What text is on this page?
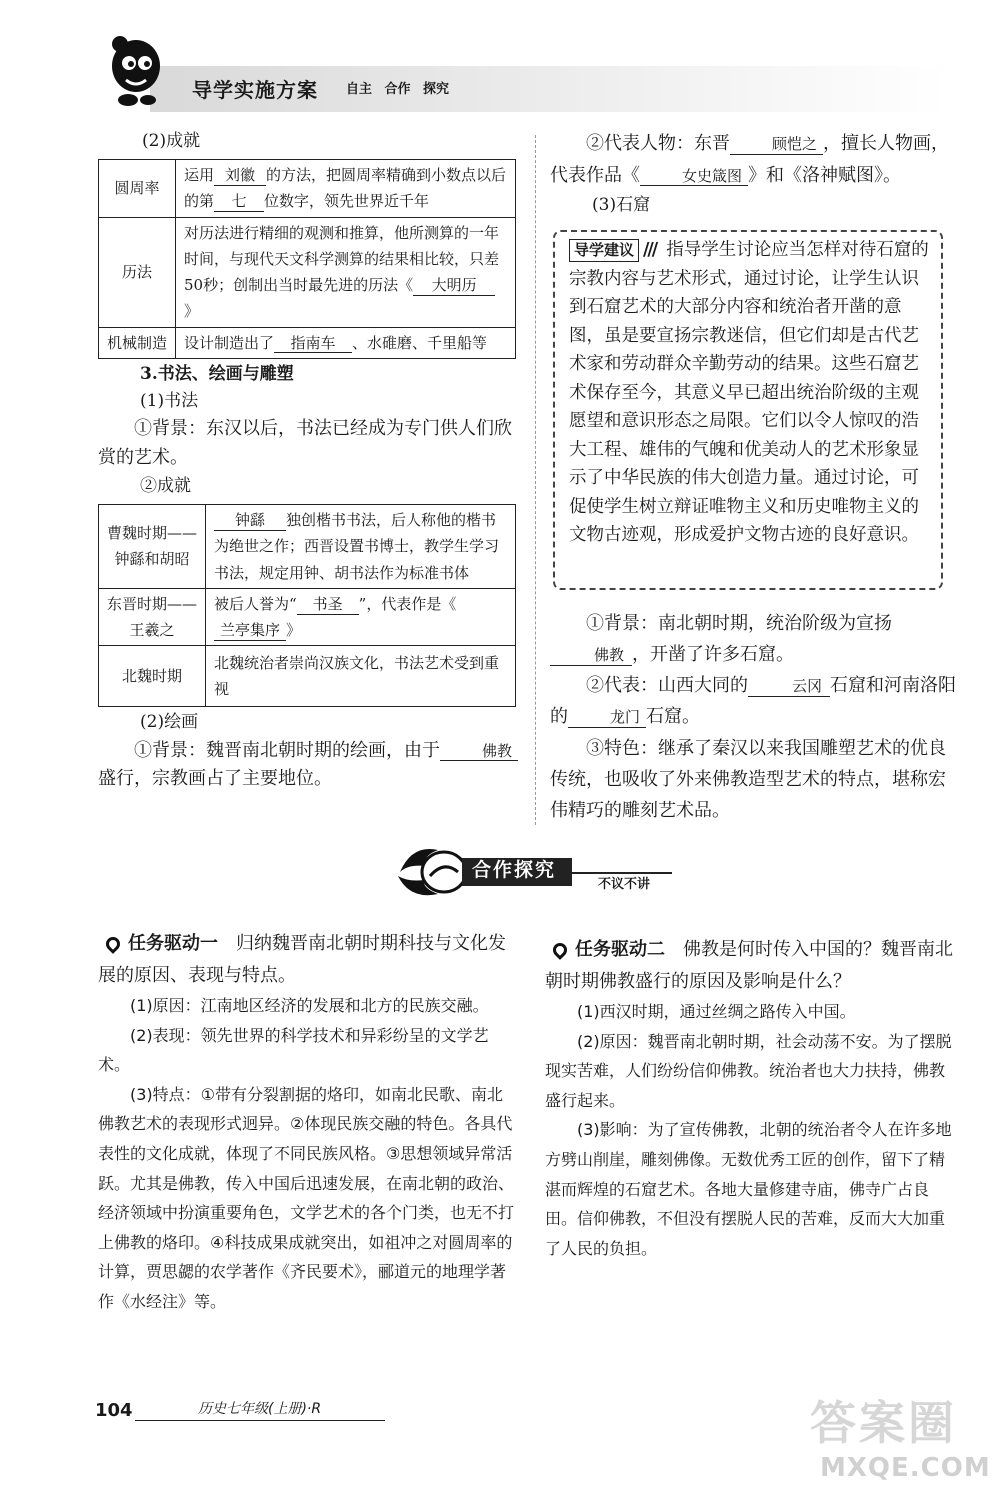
导学实施方案 自主 合作 探究

(2)成就

圆周率	运用 刘徽 的方法，把圆周率精确到小数点以后的第 七 位数字，领先世界近千年
历法	对历法进行精细的观测和推算，他所测算的一年时间，与现代天文科学测算的结果相比较，只差50秒；创制出当时最先进的历法《 大明历》
机械制造	设计制造出了 指南车 、水碓磨、千里船等

3.书法、绘画与雕塑

(1)书法

①背景：东汉以后，书法已经成为专门供人们欣赏的艺术。

②成就

曹魏时期——钟繇和胡昭	钟繇 独创楷书书法，后人称他的楷书为绝世之作；西晋设置书博士，教学生学习书法，规定用钟、胡书法作为标准书体
东晋时期——王羲之	被后人誉为“ 书圣 ”，代表作是《兰亭集序 》
北魏时期	北魏统治者崇尚汉族文化，书法艺术受到重视

(2)绘画

①背景：魏晋南北朝时期的绘画，由于	佛教盛行，宗教画占了主要地位。

②代表人物：东晋	顾恺之 ，擅长人物画，代表作品《	女史箴图 》和《洛神赋图》。

(3)石窟

导学建议 /// 指导学生讨论应当怎样对待石窟的宗教内容与艺术形式，通过讨论，让学生认识到石窟艺术的大部分内容和统治者开凿的意图，虽是要宣扬宗教迷信，但它们却是古代艺术家和劳动群众辛勤劳动的结果。这些石窟艺术保存至今，其意义早已超出统治阶级的主观愿望和意识形态之局限。它们以令人惊叹的浩大工程、雄伟的气魄和优美动人的艺术形象显示了中华民族的伟大创造力量。通过讨论，可促使学生树立辩证唯物主义和历史唯物主义的文物古迹观，形成爱护文物古迹的良好意识。

①背景：南北朝时期，统治阶级为宣扬佛教 ，开凿了许多石窟。

②代表：山西大同的	云冈 石窟和河南洛阳的	龙门 石窟。

③特色：继承了秦汉以来我国雕塑艺术的优良传统，也吸收了外来佛教造型艺术的特点，堪称宏伟精巧的雕刻艺术品。

合作探究
不议不讲

任务驱动一　 归纳魏晋南北朝时期科技与文化发展的原因、表现与特点。

(1)原因：江南地区经济的发展和北方的民族交融。

(2)表现：领先世界的科学技术和异彩纷呈的文学艺术。

(3)特点：①带有分裂割据的烙印，如南北民歌、南北佛教艺术的表现形式迥异。②体现民族交融的特色。各具代表性的文化成就，体现了不同民族风格。③思想领域异常活跃。尤其是佛教，传入中国后迅速发展，在南北朝的政治、经济领域中扮演重要角色，文学艺术的各个门类，也无不打上佛教的烙印。④科技成果成就突出，如祖冲之对圆周率的计算，贾思勰的农学著作《齐民要术》，郦道元的地理学著作《水经注》等。

任务驱动二　 佛教是何时传入中国的？魏晋南北朝时期佛教盛行的原因及影响是什么？

(1)西汉时期，通过丝绸之路传入中国。

(2)原因：魏晋南北朝时期，社会动荡不安。为了摆脱现实苦难，人们纷纷信仰佛教。统治者也大力扶持，佛教盛行起来。

(3)影响：为了宣传佛教，北朝的统治者令人在许多地方劈山削崖，雕刻佛像。无数优秀工匠的创作，留下了精湛而辉煌的石窟艺术。各地大量修建寺庙，佛寺广占良田。信仰佛教，不但没有摆脱人民的苦难，反而大大加重了人民的负担。

104	历史七年级(上册)·R	答案圈
MXQE.COM
